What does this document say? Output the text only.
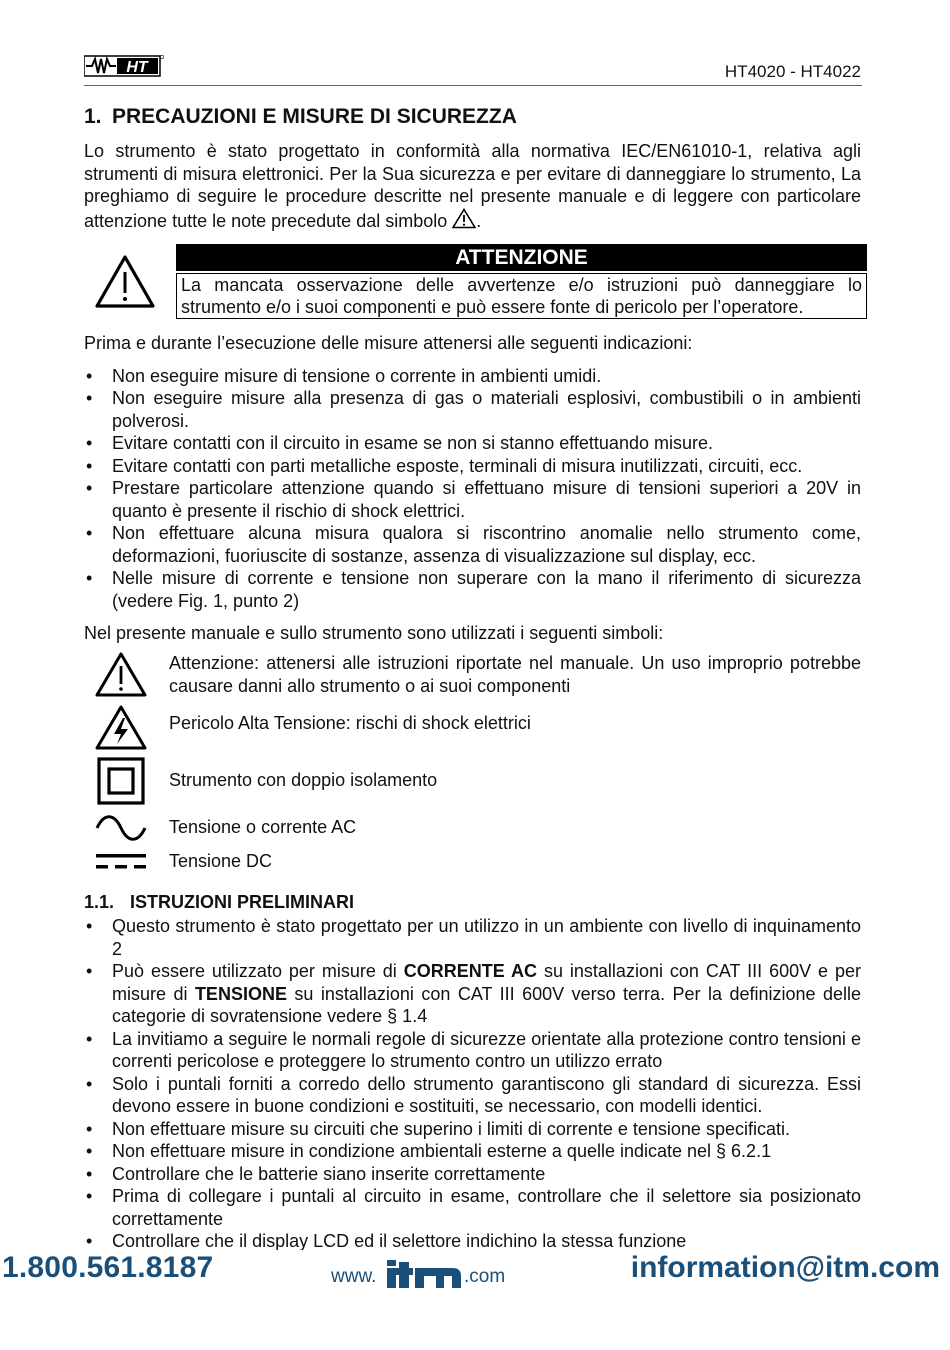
HT	HT4020 - HT4022
1. PRECAUZIONI E MISURE DI SICUREZZA

Lo strumento è stato progettato in conformità alla normativa IEC/EN61010-1, relativa agli strumenti di misura elettronici. Per la Sua sicurezza e per evitare di danneggiare lo strumento, La preghiamo di seguire le procedure descritte nel presente manuale e di leggere con particolare attenzione tutte le note precedute dal simbolo .

ATTENZIONE
La mancata osservazione delle avvertenze e/o istruzioni può danneggiare lo strumento e/o i suoi componenti e può essere fonte di pericolo per l’operatore.

Prima e durante l’esecuzione delle misure attenersi alle seguenti indicazioni:

• Non eseguire misure di tensione o corrente in ambienti umidi.
• Non eseguire misure alla presenza di gas o materiali esplosivi, combustibili o in ambienti polverosi.
• Evitare contatti con il circuito in esame se non si stanno effettuando misure.
• Evitare contatti con parti metalliche esposte, terminali di misura inutilizzati, circuiti, ecc.
• Prestare particolare attenzione quando si effettuano misure di tensioni superiori a 20V in quanto è presente il rischio di shock elettrici.
• Non effettuare alcuna misura qualora si riscontrino anomalie nello strumento come, deformazioni, fuoriuscite di sostanze, assenza di visualizzazione sul display, ecc.
• Nelle misure di corrente e tensione non superare con la mano il riferimento di sicurezza (vedere Fig. 1, punto 2)

Nel presente manuale e sullo strumento sono utilizzati i seguenti simboli:

Attenzione: attenersi alle istruzioni riportate nel manuale. Un uso improprio potrebbe causare danni allo strumento o ai suoi componenti
Pericolo Alta Tensione: rischi di shock elettrici
Strumento con doppio isolamento
Tensione o corrente AC
Tensione DC
1.1. ISTRUZIONI PRELIMINARI
• Questo strumento è stato progettato per un utilizzo in un ambiente con livello di inquinamento 2
• Può essere utilizzato per misure di CORRENTE AC su installazioni con CAT III 600V e per misure di TENSIONE su installazioni con CAT III 600V verso terra. Per la definizione delle categorie di sovratensione vedere § 1.4
• La invitiamo a seguire le normali regole di sicurezze orientate alla protezione contro tensioni e correnti pericolose e proteggere lo strumento contro un utilizzo errato
• Solo i puntali forniti a corredo dello strumento garantiscono gli standard di sicurezza. Essi devono essere in buone condizioni e sostituiti, se necessario, con modelli identici.
• Non effettuare misure su circuiti che superino i limiti di corrente e tensione specificati.
• Non effettuare misure in condizione ambientali esterne a quelle indicate nel § 6.2.1
• Controllare che le batterie siano inserite correttamente
• Prima di collegare i puntali al circuito in esame, controllare che il selettore sia posizionato correttamente
• Controllare che il display LCD ed il selettore indichino la stessa funzione
1.800.561.8187	www.
itm
.com	information@itm.com
